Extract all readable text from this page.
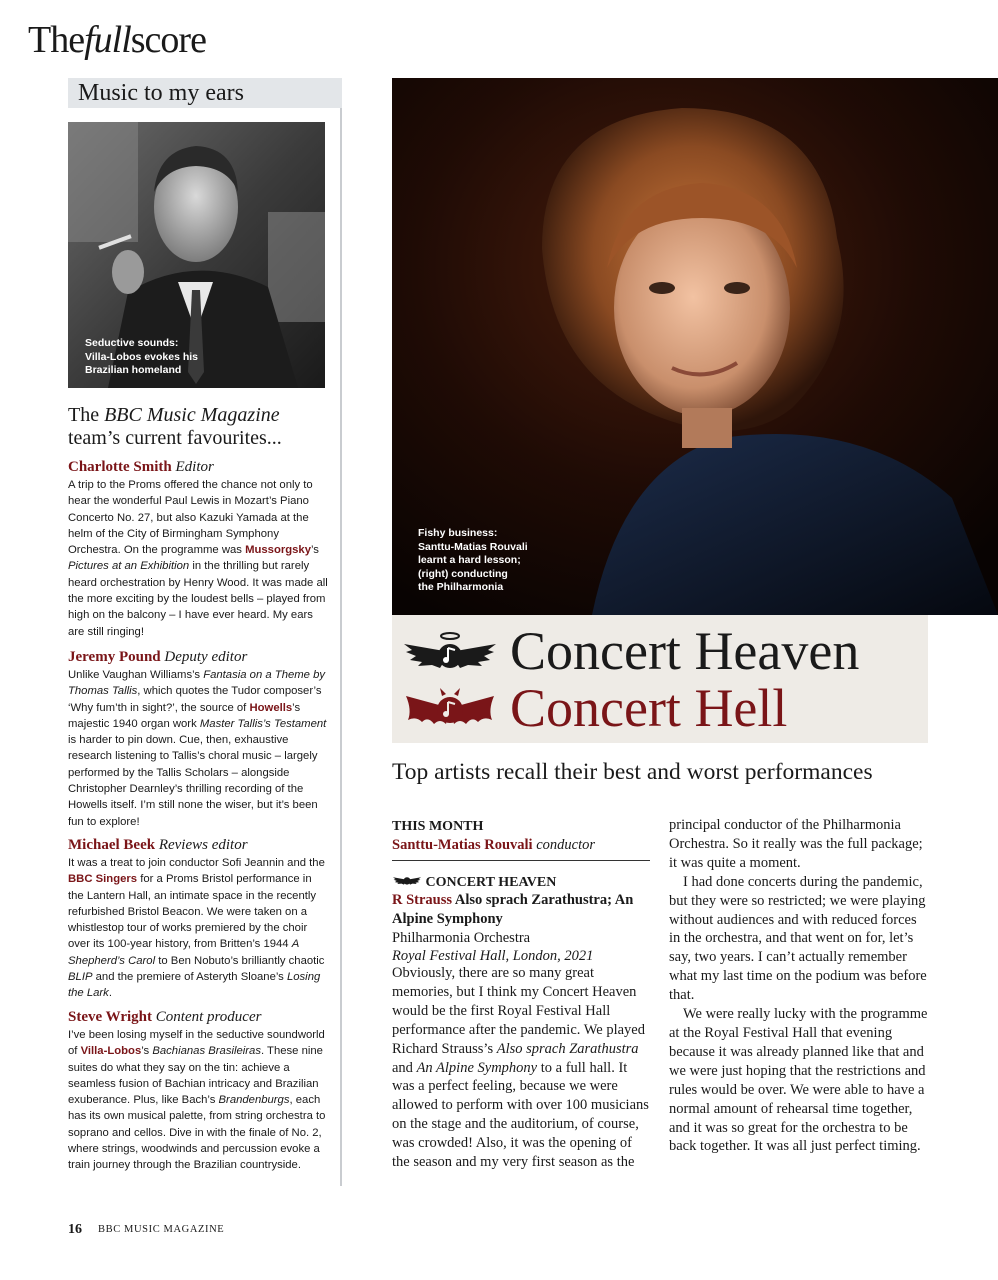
Thefullscore
Music to my ears
Seductive sounds:
Villa-Lobos evokes his
Brazilian homeland
The BBC Music Magazine
team’s current favourites...
Charlotte Smith Editor
A trip to the Proms offered the chance not only to hear the wonderful Paul Lewis in Mozart’s Piano Concerto No. 27, but also Kazuki Yamada at the helm of the City of Birmingham Symphony Orchestra. On the programme was Mussorgsky’s Pictures at an Exhibition in the thrilling but rarely heard orchestration by Henry Wood. It was made all the more exciting by the loudest bells – played from high on the balcony – I have ever heard. My ears are still ringing!
Jeremy Pound Deputy editor
Unlike Vaughan Williams’s Fantasia on a Theme by Thomas Tallis, which quotes the Tudor composer’s ‘Why fum’th in sight?’, the source of Howells’s majestic 1940 organ work Master Tallis’s Testament is harder to pin down. Cue, then, exhaustive research listening to Tallis’s choral music – largely performed by the Tallis Scholars – alongside Christopher Dearnley’s thrilling recording of the Howells itself. I’m still none the wiser, but it’s been fun to explore!
Michael Beek Reviews editor
It was a treat to join conductor Sofi Jeannin and the BBC Singers for a Proms Bristol performance in the Lantern Hall, an intimate space in the recently refurbished Bristol Beacon. We were taken on a whistlestop tour of works premiered by the choir over its 100-year history, from Britten’s 1944 A Shepherd’s Carol to Ben Nobuto’s brilliantly chaotic BLIP and the premiere of Asteryth Sloane’s Losing the Lark.
Steve Wright Content producer
I’ve been losing myself in the seductive soundworld of Villa-Lobos’s Bachianas Brasileiras. These nine suites do what they say on the tin: achieve a seamless fusion of Bachian intricacy and Brazilian exuberance. Plus, like Bach’s Brandenburgs, each has its own musical palette, from string orchestra to soprano and cellos. Dive in with the finale of No. 2, where strings, woodwinds and percussion evoke a train journey through the Brazilian countryside.
Fishy business:
Santtu-Matias Rouvali
learnt a hard lesson;
(right) conducting
the Philharmonia
Concert Heaven
Concert Hell
Top artists recall their best and worst performances
THIS MONTH
Santtu-Matias Rouvali conductor
CONCERT HEAVEN
R Strauss Also sprach Zarathustra; An Alpine Symphony
Philharmonia Orchestra
Royal Festival Hall, London, 2021

Obviously, there are so many great memories, but I think my Concert Heaven would be the first Royal Festival Hall performance after the pandemic. We played Richard Strauss’s Also sprach Zarathustra and An Alpine Symphony to a full hall. It was a perfect feeling, because we were allowed to perform with over 100 musicians on the stage and the auditorium, of course, was crowded! Also, it was the opening of the season and my very first season as the

principal conductor of the Philharmonia Orchestra. So it really was the full package; it was quite a moment.

I had done concerts during the pandemic, but they were so restricted; we were playing without audiences and with reduced forces in the orchestra, and that went on for, let’s say, two years. I can’t actually remember what my last time on the podium was before that.

We were really lucky with the programme at the Royal Festival Hall that evening because it was already planned like that and we were just hoping that the restrictions and rules would be over. We were able to have a normal amount of rehearsal time together, and it was so great for the orchestra to be back together. It was all just perfect timing.

16 BBC MUSIC MAGAZINE
